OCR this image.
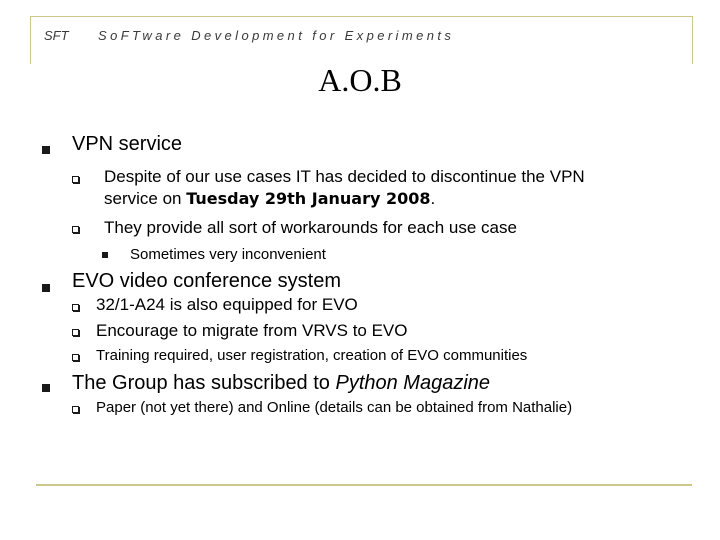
SFT SoFTware Development for Experiments
A.O.B
VPN service
Despite of our use cases IT has decided to discontinue the VPN
service on Tuesday 29th January 2008.
They provide all sort of workarounds for each use case
Sometimes very inconvenient
EVO video conference system
32/1-A24 is also equipped for EVO
Encourage to migrate from VRVS to EVO
Training required, user registration, creation of EVO communities
The Group has subscribed to Python Magazine
Paper (not yet there) and Online (details can be obtained from Nathalie)
